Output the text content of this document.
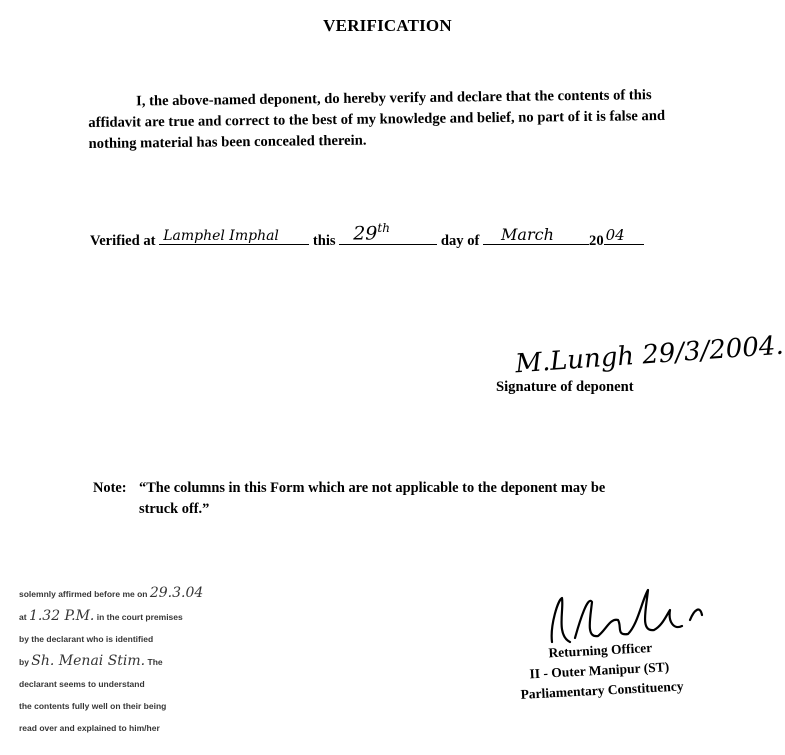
VERIFICATION
I, the above-named deponent, do hereby verify and declare that the contents of this affidavit are true and correct to the best of my knowledge and belief, no part of it is false and nothing material has been concealed therein.
Verified at Lamphel Imphal this 29th
day of March 20 04
M.Lungh 29/3/2004.
Signature of deponent
Note: “The columns in this Form which are not applicable to the deponent may be
struck off.”
solemnly affirmed before me on 29.3.04
at 1.32 P.M. in the court premises
by the declarant who is identified
by Sh. Menai Stim. The
declarant seems to understand
the contents fully well on their being
read over and explained to him/her
Returning Officer
II - Outer Manipur (ST)
Parliamentary Constituency
